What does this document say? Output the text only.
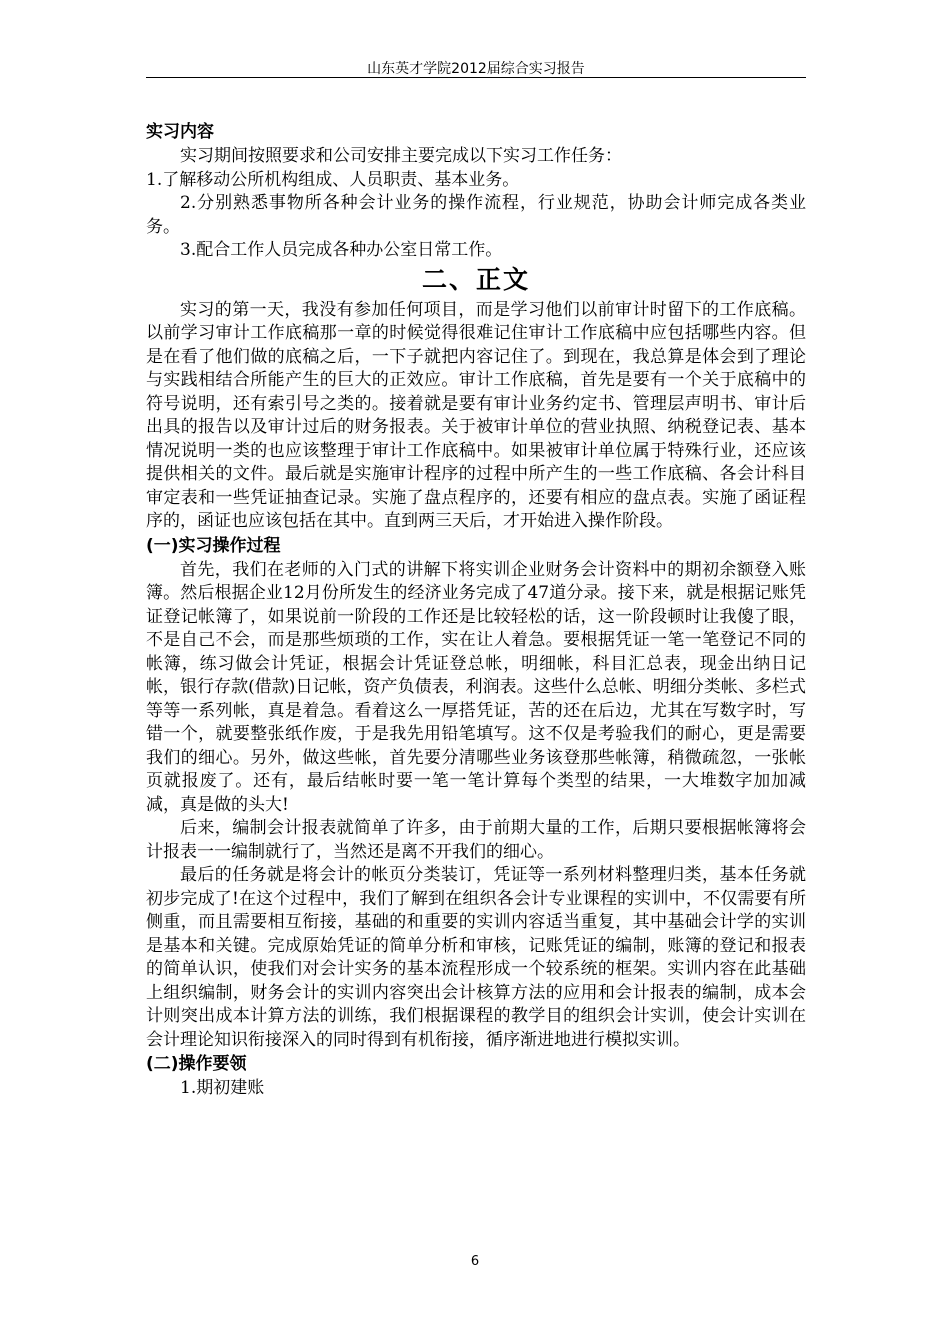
山东英才学院2012届综合实习报告

实习内容

实习期间按照要求和公司安排主要完成以下实习工作任务：

1.了解移动公所机构组成、人员职责、基本业务。

2.分别熟悉事物所各种会计业务的操作流程，行业规范，协助会计师完成各类业务。

3.配合工作人员完成各种办公室日常工作。

二、正文

实习的第一天，我没有参加任何项目，而是学习他们以前审计时留下的工作底稿。以前学习审计工作底稿那一章的时候觉得很难记住审计工作底稿中应包括哪些内容。但是在看了他们做的底稿之后，一下子就把内容记住了。到现在，我总算是体会到了理论与实践相结合所能产生的巨大的正效应。审计工作底稿，首先是要有一个关于底稿中的符号说明，还有索引号之类的。接着就是要有审计业务约定书、管理层声明书、审计后出具的报告以及审计过后的财务报表。关于被审计单位的营业执照、纳税登记表、基本情况说明一类的也应该整理于审计工作底稿中。如果被审计单位属于特殊行业，还应该提供相关的文件。最后就是实施审计程序的过程中所产生的一些工作底稿、各会计科目审定表和一些凭证抽查记录。实施了盘点程序的，还要有相应的盘点表。实施了函证程序的，函证也应该包括在其中。直到两三天后，才开始进入操作阶段。

(一)实习操作过程

首先，我们在老师的入门式的讲解下将实训企业财务会计资料中的期初余额登入账簿。然后根据企业12月份所发生的经济业务完成了47道分录。接下来，就是根据记账凭证登记帐簿了，如果说前一阶段的工作还是比较轻松的话，这一阶段顿时让我傻了眼，不是自己不会，而是那些烦琐的工作，实在让人着急。要根据凭证一笔一笔登记不同的帐簿，练习做会计凭证，根据会计凭证登总帐，明细帐，科目汇总表，现金出纳日记帐，银行存款(借款)日记帐，资产负债表，利润表。这些什么总帐、明细分类帐、多栏式等等一系列帐，真是着急。看着这么一厚搭凭证，苦的还在后边，尤其在写数字时，写错一个，就要整张纸作废，于是我先用铅笔填写。这不仅是考验我们的耐心，更是需要我们的细心。另外，做这些帐，首先要分清哪些业务该登那些帐簿，稍微疏忽，一张帐页就报废了。还有，最后结帐时要一笔一笔计算每个类型的结果，一大堆数字加加减减，真是做的头大!

后来，编制会计报表就简单了许多，由于前期大量的工作，后期只要根据帐簿将会计报表一一编制就行了，当然还是离不开我们的细心。

最后的任务就是将会计的帐页分类装订，凭证等一系列材料整理归类，基本任务就初步完成了!在这个过程中，我们了解到在组织各会计专业课程的实训中，不仅需要有所侧重，而且需要相互衔接，基础的和重要的实训内容适当重复，其中基础会计学的实训是基本和关键。完成原始凭证的简单分析和审核，记账凭证的编制，账簿的登记和报表的简单认识，使我们对会计实务的基本流程形成一个较系统的框架。实训内容在此基础上组织编制，财务会计的实训内容突出会计核算方法的应用和会计报表的编制，成本会计则突出成本计算方法的训练，我们根据课程的教学目的组织会计实训，使会计实训在会计理论知识衔接深入的同时得到有机衔接，循序渐进地进行模拟实训。

(二)操作要领

1.期初建账

6
